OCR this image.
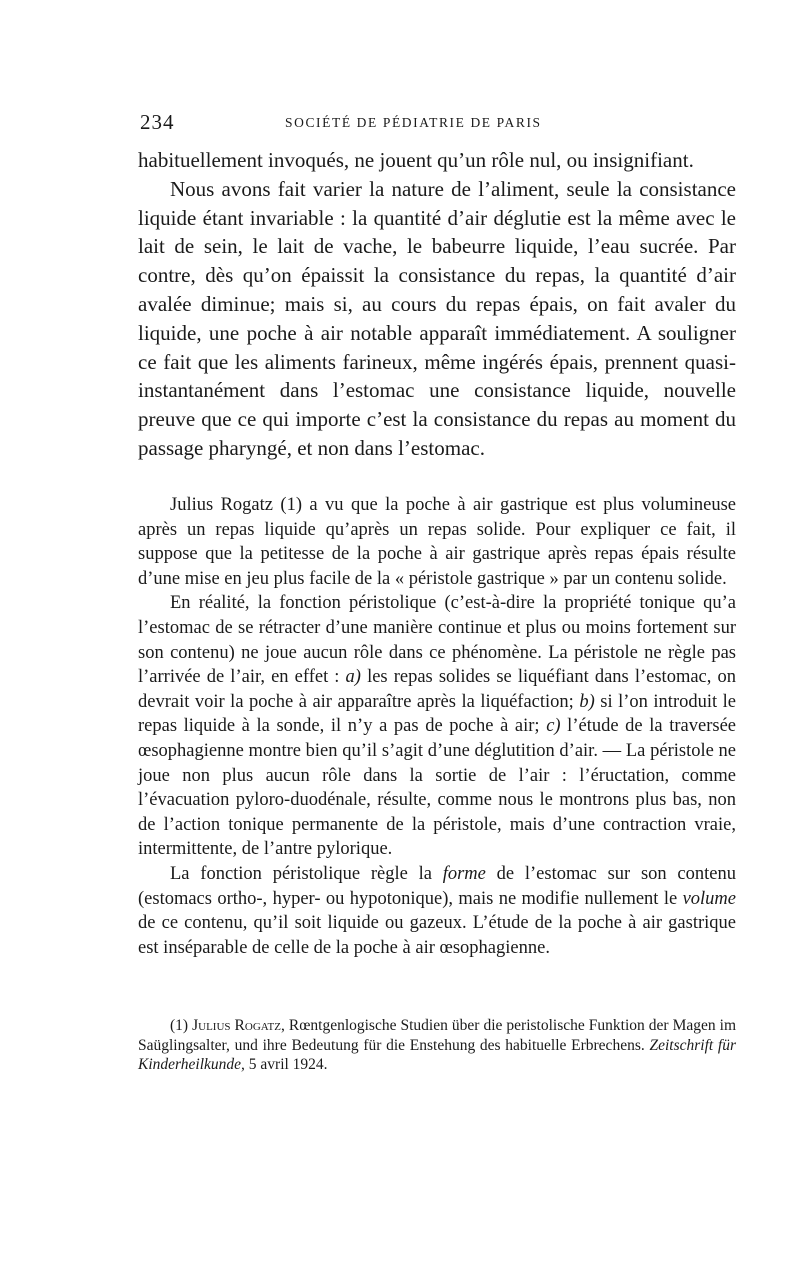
234	SOCIÉTÉ DE PÉDIATRIE DE PARIS

habituellement invoqués, ne jouent qu’un rôle nul, ou insignifiant.

Nous avons fait varier la nature de l’aliment, seule la consistance liquide étant invariable : la quantité d’air déglutie est la même avec le lait de sein, le lait de vache, le babeurre liquide, l’eau sucrée. Par contre, dès qu’on épaissit la consistance du repas, la quantité d’air avalée diminue; mais si, au cours du repas épais, on fait avaler du liquide, une poche à air notable apparaît immédiatement. A souligner ce fait que les aliments farineux, même ingérés épais, prennent quasi-instantanément dans l’estomac une consistance liquide, nouvelle preuve que ce qui importe c’est la consistance du repas au moment du passage pharyngé, et non dans l’estomac.

Julius Rogatz (1) a vu que la poche à air gastrique est plus volumineuse après un repas liquide qu’après un repas solide. Pour expliquer ce fait, il suppose que la petitesse de la poche à air gastrique après repas épais résulte d’une mise en jeu plus facile de la « péristole gastrique » par un contenu solide.

En réalité, la fonction péristolique (c’est-à-dire la propriété tonique qu’a l’estomac de se rétracter d’une manière continue et plus ou moins fortement sur son contenu) ne joue aucun rôle dans ce phénomène. La péristole ne règle pas l’arrivée de l’air, en effet : a) les repas solides se liquéfiant dans l’estomac, on devrait voir la poche à air apparaître après la liquéfaction; b) si l’on introduit le repas liquide à la sonde, il n’y a pas de poche à air; c) l’étude de la traversée œsophagienne montre bien qu’il s’agit d’une déglutition d’air. — La péristole ne joue non plus aucun rôle dans la sortie de l’air : l’éructation, comme l’évacuation pyloro-duodénale, résulte, comme nous le montrons plus bas, non de l’action tonique permanente de la péristole, mais d’une contraction vraie, intermittente, de l’antre pylorique.

La fonction péristolique règle la forme de l’estomac sur son contenu (estomacs ortho-, hyper- ou hypotonique), mais ne modifie nullement le volume de ce contenu, qu’il soit liquide ou gazeux. L’étude de la poche à air gastrique est inséparable de celle de la poche à air œsophagienne.

(1) Julius Rogatz, Rœntgenlogische Studien über die peristolische Funktion der Magen im Saüglingsalter, und ihre Bedeutung für die Enstehung des habituelle Erbrechens. Zeitschrift für Kinderheilkunde, 5 avril 1924.
